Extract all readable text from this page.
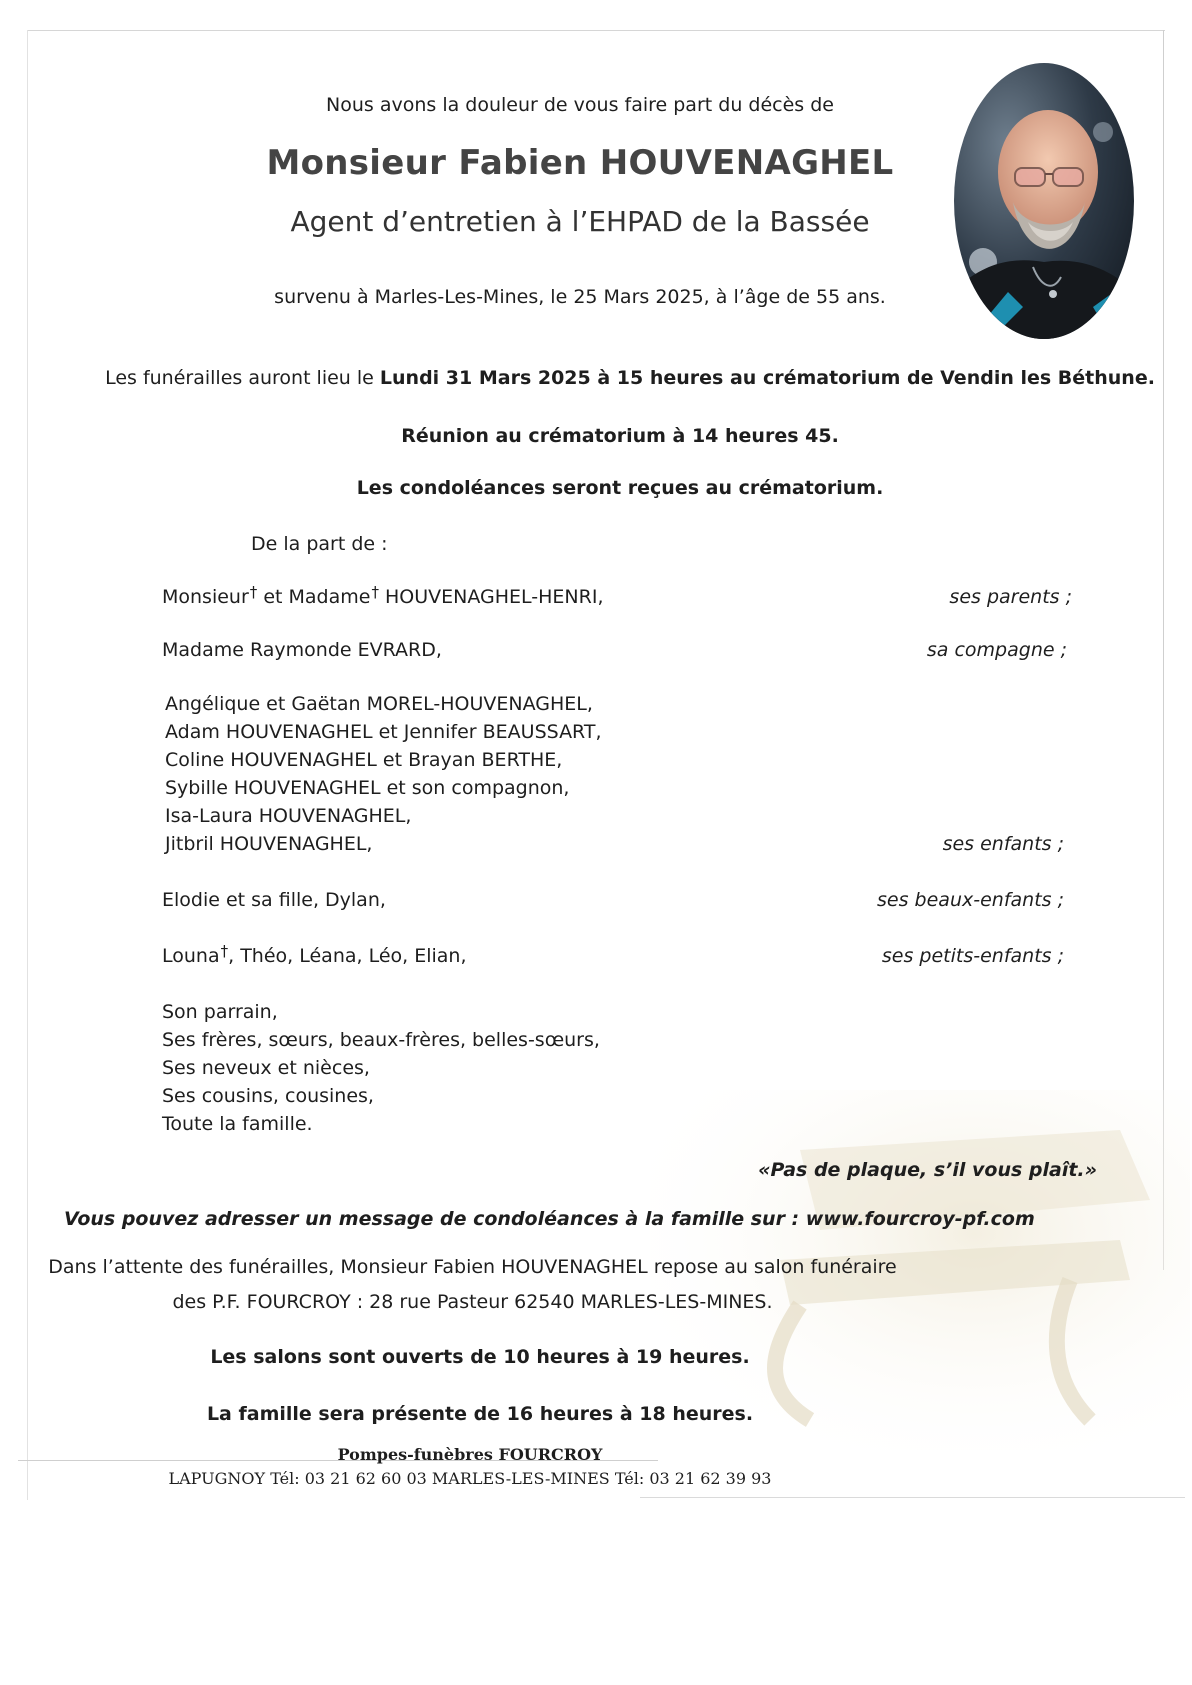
Nous avons la douleur de vous faire part du décès de
Monsieur Fabien HOUVENAGHEL
Agent d’entretien à l’EHPAD de la Bassée
survenu à Marles-Les-Mines, le 25 Mars 2025, à l’âge de 55 ans.
Les funérailles auront lieu le Lundi 31 Mars 2025 à 15 heures au crématorium de Vendin les Béthune.
Réunion au crématorium à 14 heures 45.
Les condoléances seront reçues au crématorium.
De la part de :
Monsieur† et Madame† HOUVENAGHEL-HENRI,	ses parents ;
Madame Raymonde EVRARD,	sa compagne ;
Angélique et Gaëtan MOREL-HOUVENAGHEL,
Adam HOUVENAGHEL et Jennifer BEAUSSART,
Coline HOUVENAGHEL et Brayan BERTHE,
Sybille HOUVENAGHEL et son compagnon,
Isa-Laura HOUVENAGHEL,
Jitbril HOUVENAGHEL,	ses enfants ;
Elodie et sa fille, Dylan,	ses beaux-enfants ;
Louna†, Théo, Léana, Léo, Elian,	ses petits-enfants ;
Son parrain,
Ses frères, sœurs, beaux-frères, belles-sœurs,
Ses neveux et nièces,
Ses cousins, cousines,
Toute la famille.
«Pas de plaque, s’il vous plaît.»
Vous pouvez adresser un message de condoléances à la famille sur : www.fourcroy-pf.com
Dans l’attente des funérailles, Monsieur Fabien HOUVENAGHEL repose au salon funéraire
des P.F. FOURCROY : 28 rue Pasteur 62540 MARLES-LES-MINES.
Les salons sont ouverts de 10 heures à 19 heures.
La famille sera présente de 16 heures à 18 heures.
Pompes-funèbres FOURCROY
LAPUGNOY Tél: 03 21 62 60 03 MARLES-LES-MINES Tél: 03 21 62 39 93
